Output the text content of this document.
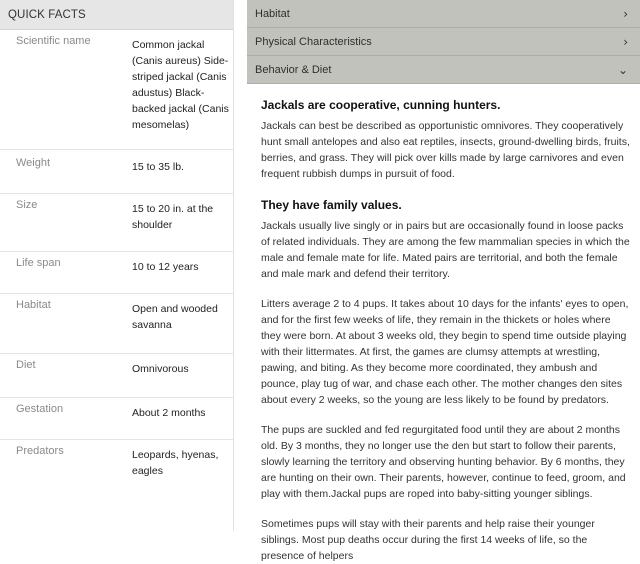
QUICK FACTS
Scientific name	Common jackal (Canis aureus) Side-striped jackal (Canis adustus) Black-backed jackal (Canis mesomelas)
Weight	15 to 35 lb.
Size	15 to 20 in. at the shoulder
Life span	10 to 12 years
Habitat	Open and wooded savanna
Diet	Omnivorous
Gestation	About 2 months
Predators	Leopards, hyenas, eagles
Habitat	›
Physical Characteristics	›
Behavior & Diet	⌄
Jackals are cooperative, cunning hunters.

Jackals can best be described as opportunistic omnivores. They cooperatively hunt small antelopes and also eat reptiles, insects, ground-dwelling birds, fruits, berries, and grass. They will pick over kills made by large carnivores and even frequent rubbish dumps in pursuit of food.

They have family values.

Jackals usually live singly or in pairs but are occasionally found in loose packs of related individuals. They are among the few mammalian species in which the male and female mate for life. Mated pairs are territorial, and both the female and male mark and defend their territory.

Litters average 2 to 4 pups. It takes about 10 days for the infants' eyes to open, and for the first few weeks of life, they remain in the thickets or holes where they were born. At about 3 weeks old, they begin to spend time outside playing with their littermates. At first, the games are clumsy attempts at wrestling, pawing, and biting. As they become more coordinated, they ambush and pounce, play tug of war, and chase each other. The mother changes den sites about every 2 weeks, so the young are less likely to be found by predators.

The pups are suckled and fed regurgitated food until they are about 2 months old. By 3 months, they no longer use the den but start to follow their parents, slowly learning the territory and observing hunting behavior. By 6 months, they are hunting on their own. Their parents, however, continue to feed, groom, and play with them.Jackal pups are roped into baby-sitting younger siblings.

Sometimes pups will stay with their parents and help raise their younger siblings. Most pup deaths occur during the first 14 weeks of life, so the presence of helpers
